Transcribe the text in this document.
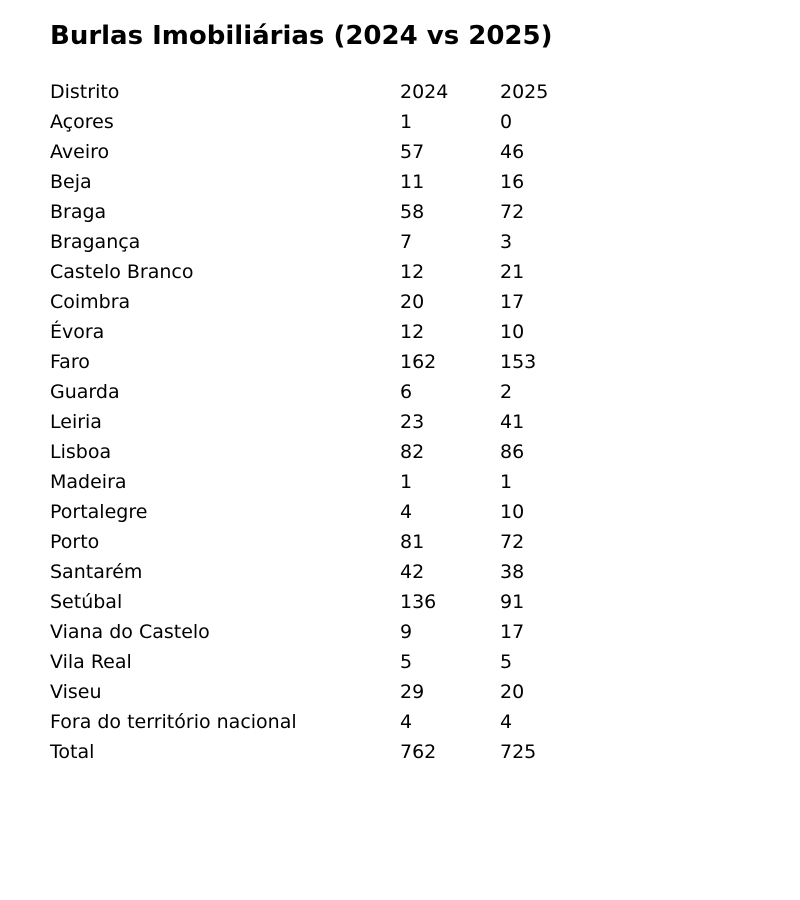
Burlas Imobiliárias (2024 vs 2025)
Distrito	2024	2025
Açores	1	0
Aveiro	57	46
Beja	11	16
Braga	58	72
Bragança	7	3
Castelo Branco	12	21
Coimbra	20	17
Évora	12	10
Faro	162	153
Guarda	6	2
Leiria	23	41
Lisboa	82	86
Madeira	1	1
Portalegre	4	10
Porto	81	72
Santarém	42	38
Setúbal	136	91
Viana do Castelo	9	17
Vila Real	5	5
Viseu	29	20
Fora do território nacional	4	4
Total	762	725
